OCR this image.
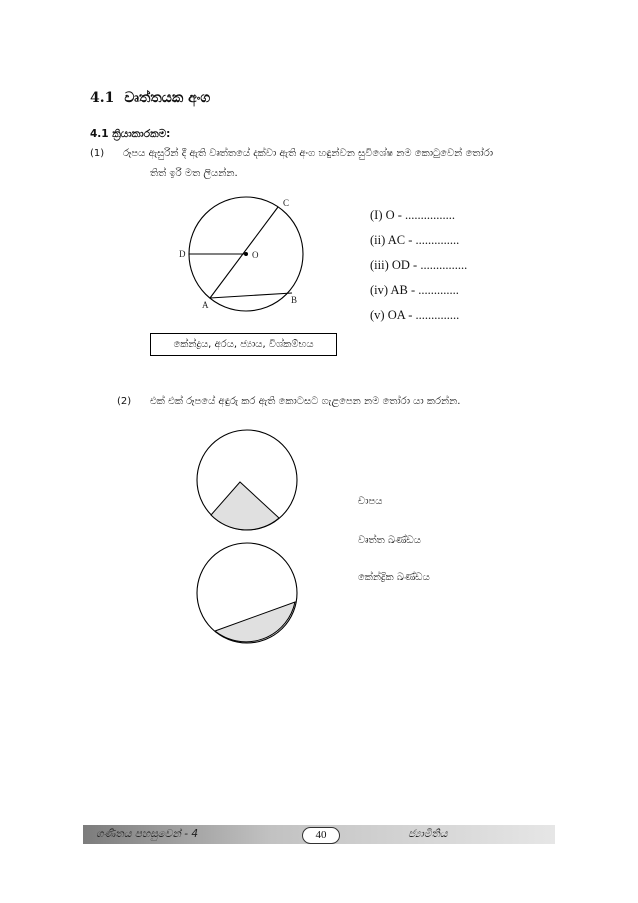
4.1 වෘත්තයක අංග
4.1 ක්‍රියාකාරකම:
(1) රූපය ඇසුරින් දී ඇති වෘත්තයේ දක්වා ඇති අංග හඳුන්වන සුවිශේෂ නම කොටුවෙන් තෝරා
තිත් ඉරි මත ලියන්න.
C
D	O
A	B
(I) O - ................
(ii) AC - ..............
(iii) OD - ...............
(iv) AB - .............
(v) OA - ..............
කේන්ද්‍රය, අරය, ජ්‍යාය, විශ්කම්භය
(2) එක් එක් රූපයේ අඳුරු කර ඇති කොටසට ගැළපෙන නම තෝරා යා කරන්න.
චාපය
වෘත්ත ඛණ්ඩය
කේන්ද්‍රික ඛණ්ඩය
ගණිතය පහසුවෙන් - 4	ජ්‍යාමිතිය
40
